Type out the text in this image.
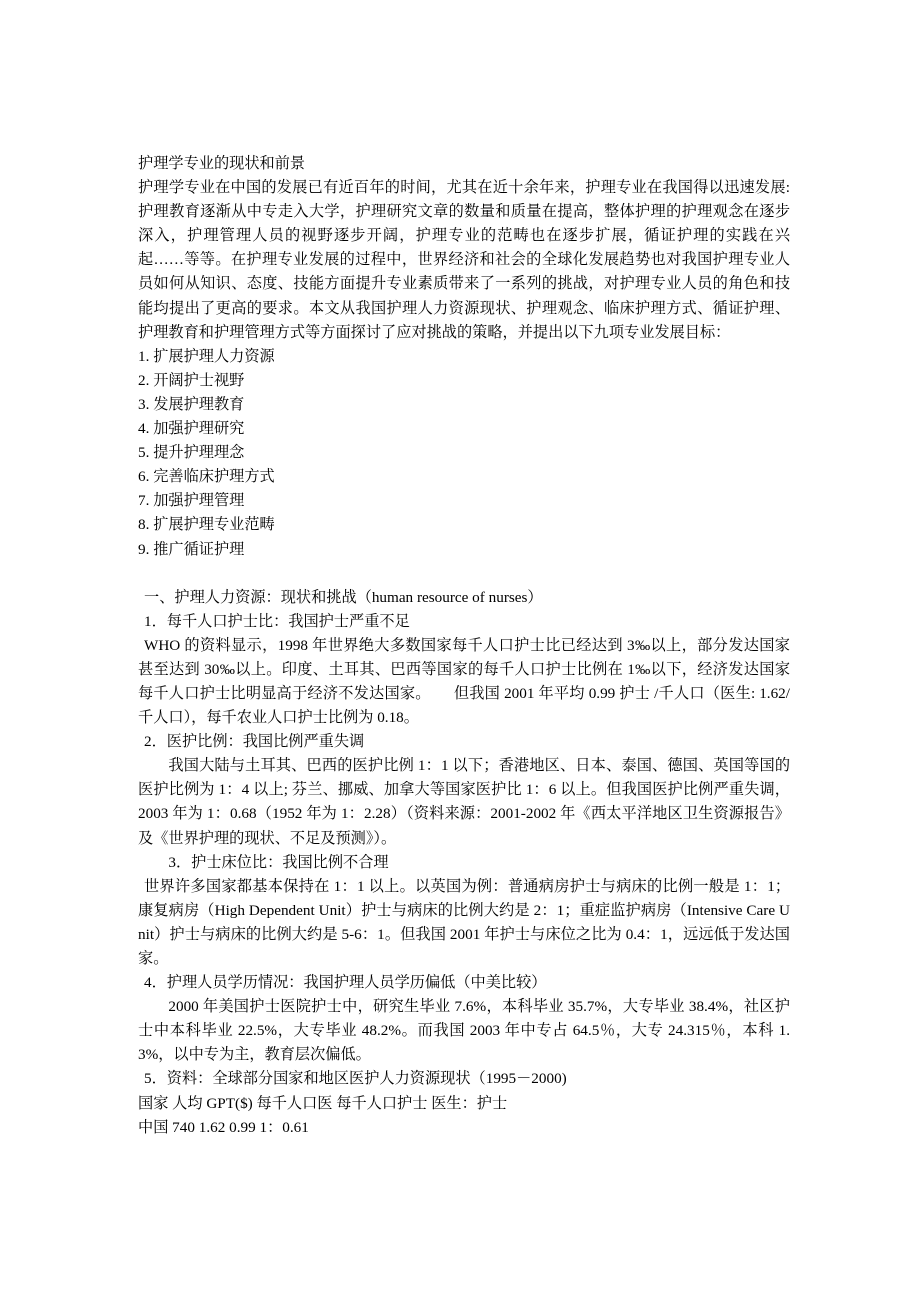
护理学专业的现状和前景

护理学专业在中国的发展已有近百年的时间，尤其在近十余年来，护理专业在我国得以迅速发展: 护理教育逐渐从中专走入大学，护理研究文章的数量和质量在提高，整体护理的护理观念在逐步深入，护理管理人员的视野逐步开阔，护理专业的范畴也在逐步扩展，循证护理的实践在兴起……等等。在护理专业发展的过程中，世界经济和社会的全球化发展趋势也对我国护理专业人员如何从知识、态度、技能方面提升专业素质带来了一系列的挑战，对护理专业人员的角色和技能均提出了更高的要求。本文从我国护理人力资源现状、护理观念、临床护理方式、循证护理、护理教育和护理管理方式等方面探讨了应对挑战的策略，并提出以下九项专业发展目标：

1. 扩展护理人力资源

2. 开阔护士视野

3. 发展护理教育

4. 加强护理研究

5. 提升护理理念

6. 完善临床护理方式

7. 加强护理管理

8. 扩展护理专业范畴

9. 推广循证护理

一、护理人力资源：现状和挑战（human resource of nurses）

1．每千人口护士比：我国护士严重不足

WHO 的资料显示，1998 年世界绝大多数国家每千人口护士比已经达到 3‰以上，部分发达国家甚至达到 30‰以上。印度、土耳其、巴西等国家的每千人口护士比例在 1‰以下，经济发达国家每千人口护士比明显高于经济不发达国家。　　但我国 2001 年平均 0.99 护士 /千人口（医生: 1.62/千人口），每千农业人口护士比例为 0.18。

2．医护比例：我国比例严重失调

我国大陆与土耳其、巴西的医护比例 1：1 以下；香港地区、日本、泰国、德国、英国等国的医护比例为 1：4 以上; 芬兰、挪威、加拿大等国家医护比 1：6 以上。但我国医护比例严重失调，2003 年为 1：0.68（1952 年为 1：2.28）（资料来源：2001-2002 年《西太平洋地区卫生资源报告》及《世界护理的现状、不足及预测》）。

3．护士床位比：我国比例不合理

世界许多国家都基本保持在 1：1 以上。以英国为例：普通病房护士与病床的比例一般是 1：1；康复病房（High Dependent Unit）护士与病床的比例大约是 2：1；重症监护病房（Intensive Care Unit）护士与病床的比例大约是 5-6：1。但我国 2001 年护士与床位之比为 0.4：1，远远低于发达国家。

4．护理人员学历情况：我国护理人员学历偏低（中美比较）

2000 年美国护士医院护士中，研究生毕业 7.6%，本科毕业 35.7%，大专毕业 38.4%，社区护士中本科毕业 22.5%，大专毕业 48.2%。而我国 2003 年中专占 64.5％，大专 24.315％，本科 1.3%，以中专为主，教育层次偏低。

5．资料：全球部分国家和地区医护人力资源现状（1995－2000)

国家 人均 GPT($) 每千人口医 每千人口护士 医生：护士

中国 740 1.62 0.99 1：0.61
